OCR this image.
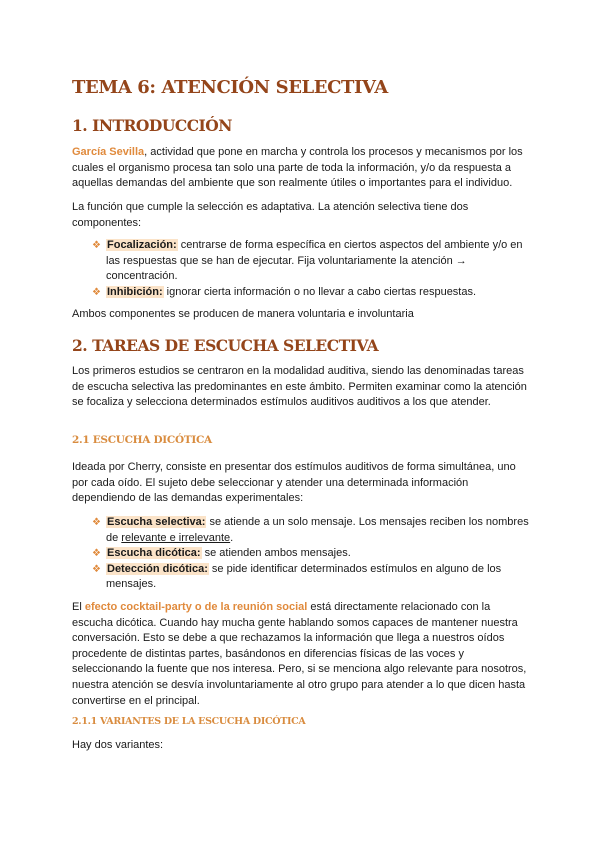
TEMA 6: ATENCIÓN SELECTIVA
1. INTRODUCCIÓN

García Sevilla, actividad que pone en marcha y controla los procesos y mecanismos por los cuales el organismo procesa tan solo una parte de toda la información, y/o da respuesta a aquellas demandas del ambiente que son realmente útiles o importantes para el individuo.

La función que cumple la selección es adaptativa. La atención selectiva tiene dos componentes:

❖ Focalización: centrarse de forma específica en ciertos aspectos del ambiente y/o en las respuestas que se han de ejecutar. Fija voluntariamente la atención → concentración.
❖ Inhibición: ignorar cierta información o no llevar a cabo ciertas respuestas.

Ambos componentes se producen de manera voluntaria e involuntaria

2. TAREAS DE ESCUCHA SELECTIVA

Los primeros estudios se centraron en la modalidad auditiva, siendo las denominadas tareas de escucha selectiva las predominantes en este ámbito. Permiten examinar como la atención se focaliza y selecciona determinados estímulos auditivos auditivos a los que atender.

2.1 ESCUCHA DICÓTICA

Ideada por Cherry, consiste en presentar dos estímulos auditivos de forma simultánea, uno por cada oído. El sujeto debe seleccionar y atender una determinada información dependiendo de las demandas experimentales:

❖ Escucha selectiva: se atiende a un solo mensaje. Los mensajes reciben los nombres de relevante e irrelevante.
❖ Escucha dicótica: se atienden ambos mensajes.
❖ Detección dicótica: se pide identificar determinados estímulos en alguno de los mensajes.

El efecto cocktail-party o de la reunión social está directamente relacionado con la escucha dicótica. Cuando hay mucha gente hablando somos capaces de mantener nuestra conversación. Esto se debe a que rechazamos la información que llega a nuestros oídos procedente de distintas partes, basándonos en diferencias físicas de las voces y seleccionando la fuente que nos interesa. Pero, si se menciona algo relevante para nosotros, nuestra atención se desvía involuntariamente al otro grupo para atender a lo que dicen hasta convertirse en el principal.

2.1.1 VARIANTES DE LA ESCUCHA DICÓTICA

Hay dos variantes:
